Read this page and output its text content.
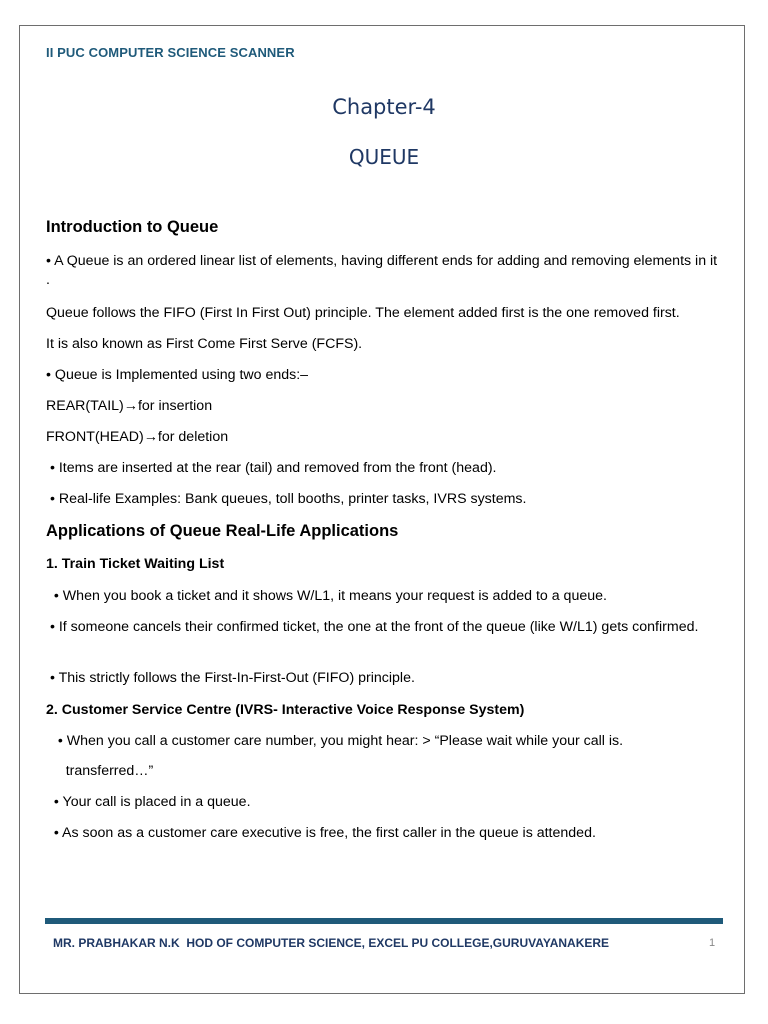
II PUC COMPUTER SCIENCE SCANNER
Chapter-4
QUEUE
Introduction to Queue
• A Queue is an ordered linear list of elements, having different ends for adding and removing elements in it .
Queue follows the FIFO (First In First Out) principle. The element added first is the one removed first.
It is also known as First Come First Serve (FCFS).
• Queue is Implemented using two ends:–
REAR(TAIL)→for insertion
FRONT(HEAD)→for deletion
• Items are inserted at the rear (tail) and removed from the front (head).
• Real-life Examples: Bank queues, toll booths, printer tasks, IVRS systems.
Applications of Queue Real-Life Applications
1. Train Ticket Waiting List
• When you book a ticket and it shows W/L1, it means your request is added to a queue.
• If someone cancels their confirmed ticket, the one at the front of the queue (like W/L1) gets confirmed.
• This strictly follows the First-In-First-Out (FIFO) principle.
2. Customer Service Centre (IVRS- Interactive Voice Response System)
• When you call a customer care number, you might hear: > “Please wait while your call is.
transferred…”
• Your call is placed in a queue.
• As soon as a customer care executive is free, the first caller in the queue is attended.
MR. PRABHAKAR N.K  HOD OF COMPUTER SCIENCE, EXCEL PU COLLEGE,GURUVAYANAKERE	1
